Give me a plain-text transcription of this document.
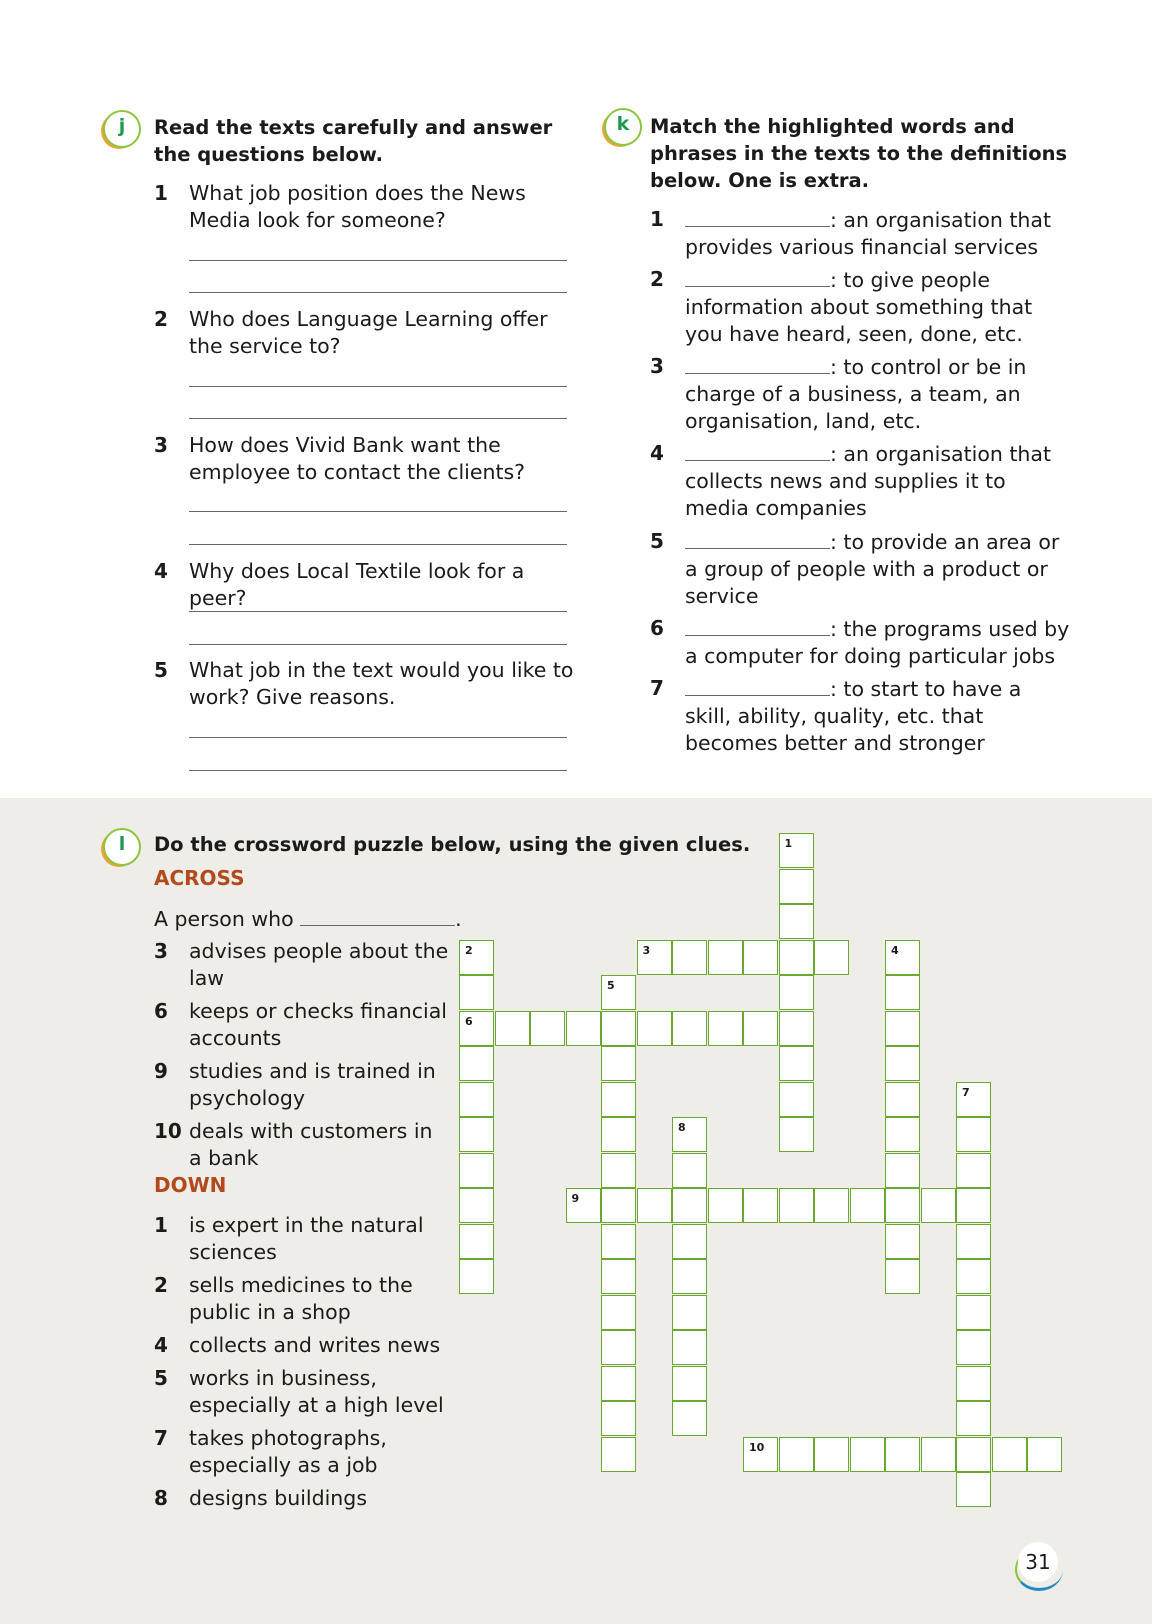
j	Read the texts carefully and answer the questions below.
1 What job position does the News Media look for someone?
2 Who does Language Learning offer the service to?
3 How does Vivid Bank want the employee to contact the clients?
4 Why does Local Textile look for a peer?
5 What job in the text would you like to work? Give reasons.
k	Match the highlighted words and phrases in the texts to the definitions below. One is extra.
1	: an organisation that provides various financial services
2	: to give people information about something that you have heard, seen, done, etc.
3	: to control or be in charge of a business, a team, an organisation, land, etc.
4	: an organisation that collects news and supplies it to media companies
5	: to provide an area or a group of people with a product or service
6	: the programs used by a computer for doing particular jobs
7	: to start to have a skill, ability, quality, etc. that becomes better and stronger
l	Do the crossword puzzle below, using the given clues.
ACROSS
A person who	.
3 advises people about the law
6 keeps or checks financial accounts
9 studies and is trained in psychology
10 deals with customers in a bank
DOWN
1 is expert in the natural sciences
2 sells medicines to the public in a shop
4 collects and writes news
5 works in business, especially at a high level
7 takes photographs, especially as a job
8 designs buildings
1
2
6
3	4
5
7
8
9
10
31
